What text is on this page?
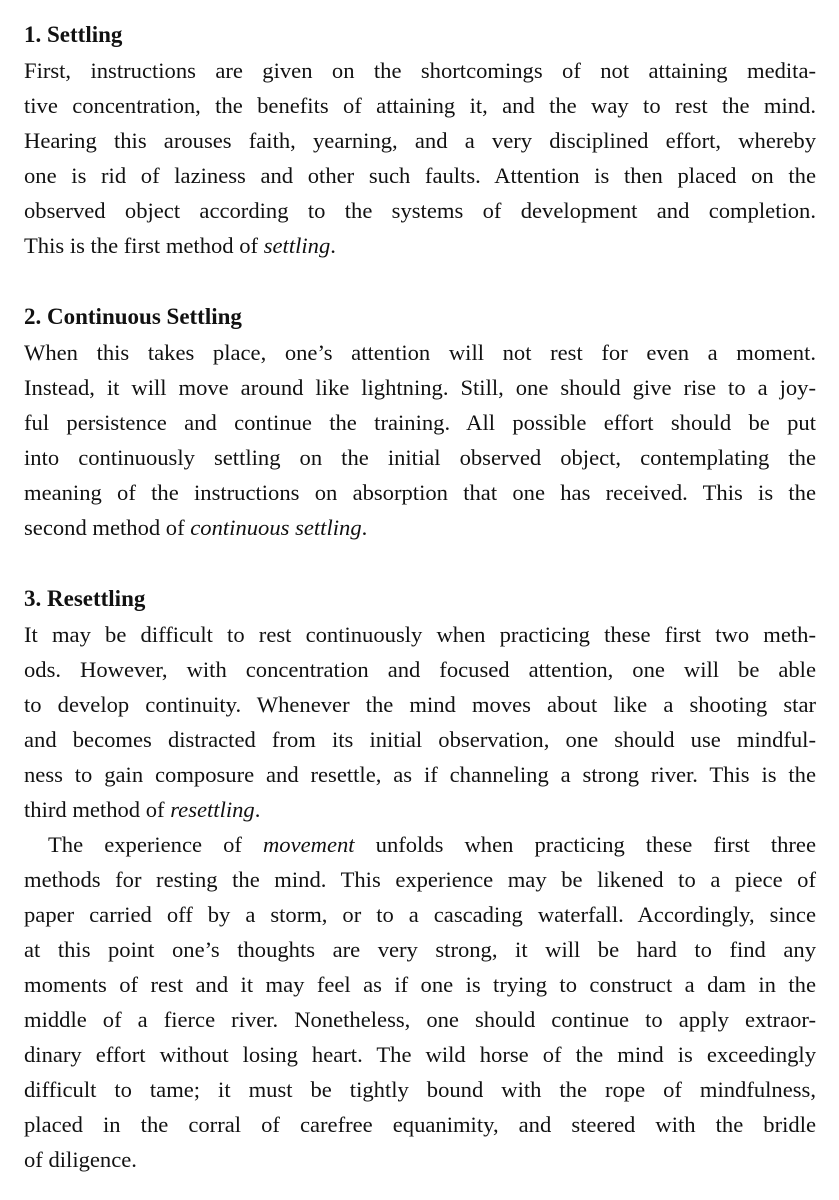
1. Settling
First, instructions are given on the shortcomings of not attaining medita-
tive concentration, the benefits of attaining it, and the way to rest the mind.
Hearing this arouses faith, yearning, and a very disciplined effort, whereby
one is rid of laziness and other such faults. Attention is then placed on the
observed object according to the systems of development and completion.
This is the first method of settling.
2. Continuous Settling
When this takes place, one’s attention will not rest for even a moment.
Instead, it will move around like lightning. Still, one should give rise to a joy-
ful persistence and continue the training. All possible effort should be put
into continuously settling on the initial observed object, contemplating the
meaning of the instructions on absorption that one has received. This is the
second method of continuous settling.
3. Resettling
It may be difficult to rest continuously when practicing these first two meth-
ods. However, with concentration and focused attention, one will be able
to develop continuity. Whenever the mind moves about like a shooting star
and becomes distracted from its initial observation, one should use mindful-
ness to gain composure and resettle, as if channeling a strong river. This is the
third method of resettling.
The experience of movement unfolds when practicing these first three
methods for resting the mind. This experience may be likened to a piece of
paper carried off by a storm, or to a cascading waterfall. Accordingly, since
at this point one’s thoughts are very strong, it will be hard to find any
moments of rest and it may feel as if one is trying to construct a dam in the
middle of a fierce river. Nonetheless, one should continue to apply extraor-
dinary effort without losing heart. The wild horse of the mind is exceedingly
difficult to tame; it must be tightly bound with the rope of mindfulness,
placed in the corral of carefree equanimity, and steered with the bridle
of diligence.
